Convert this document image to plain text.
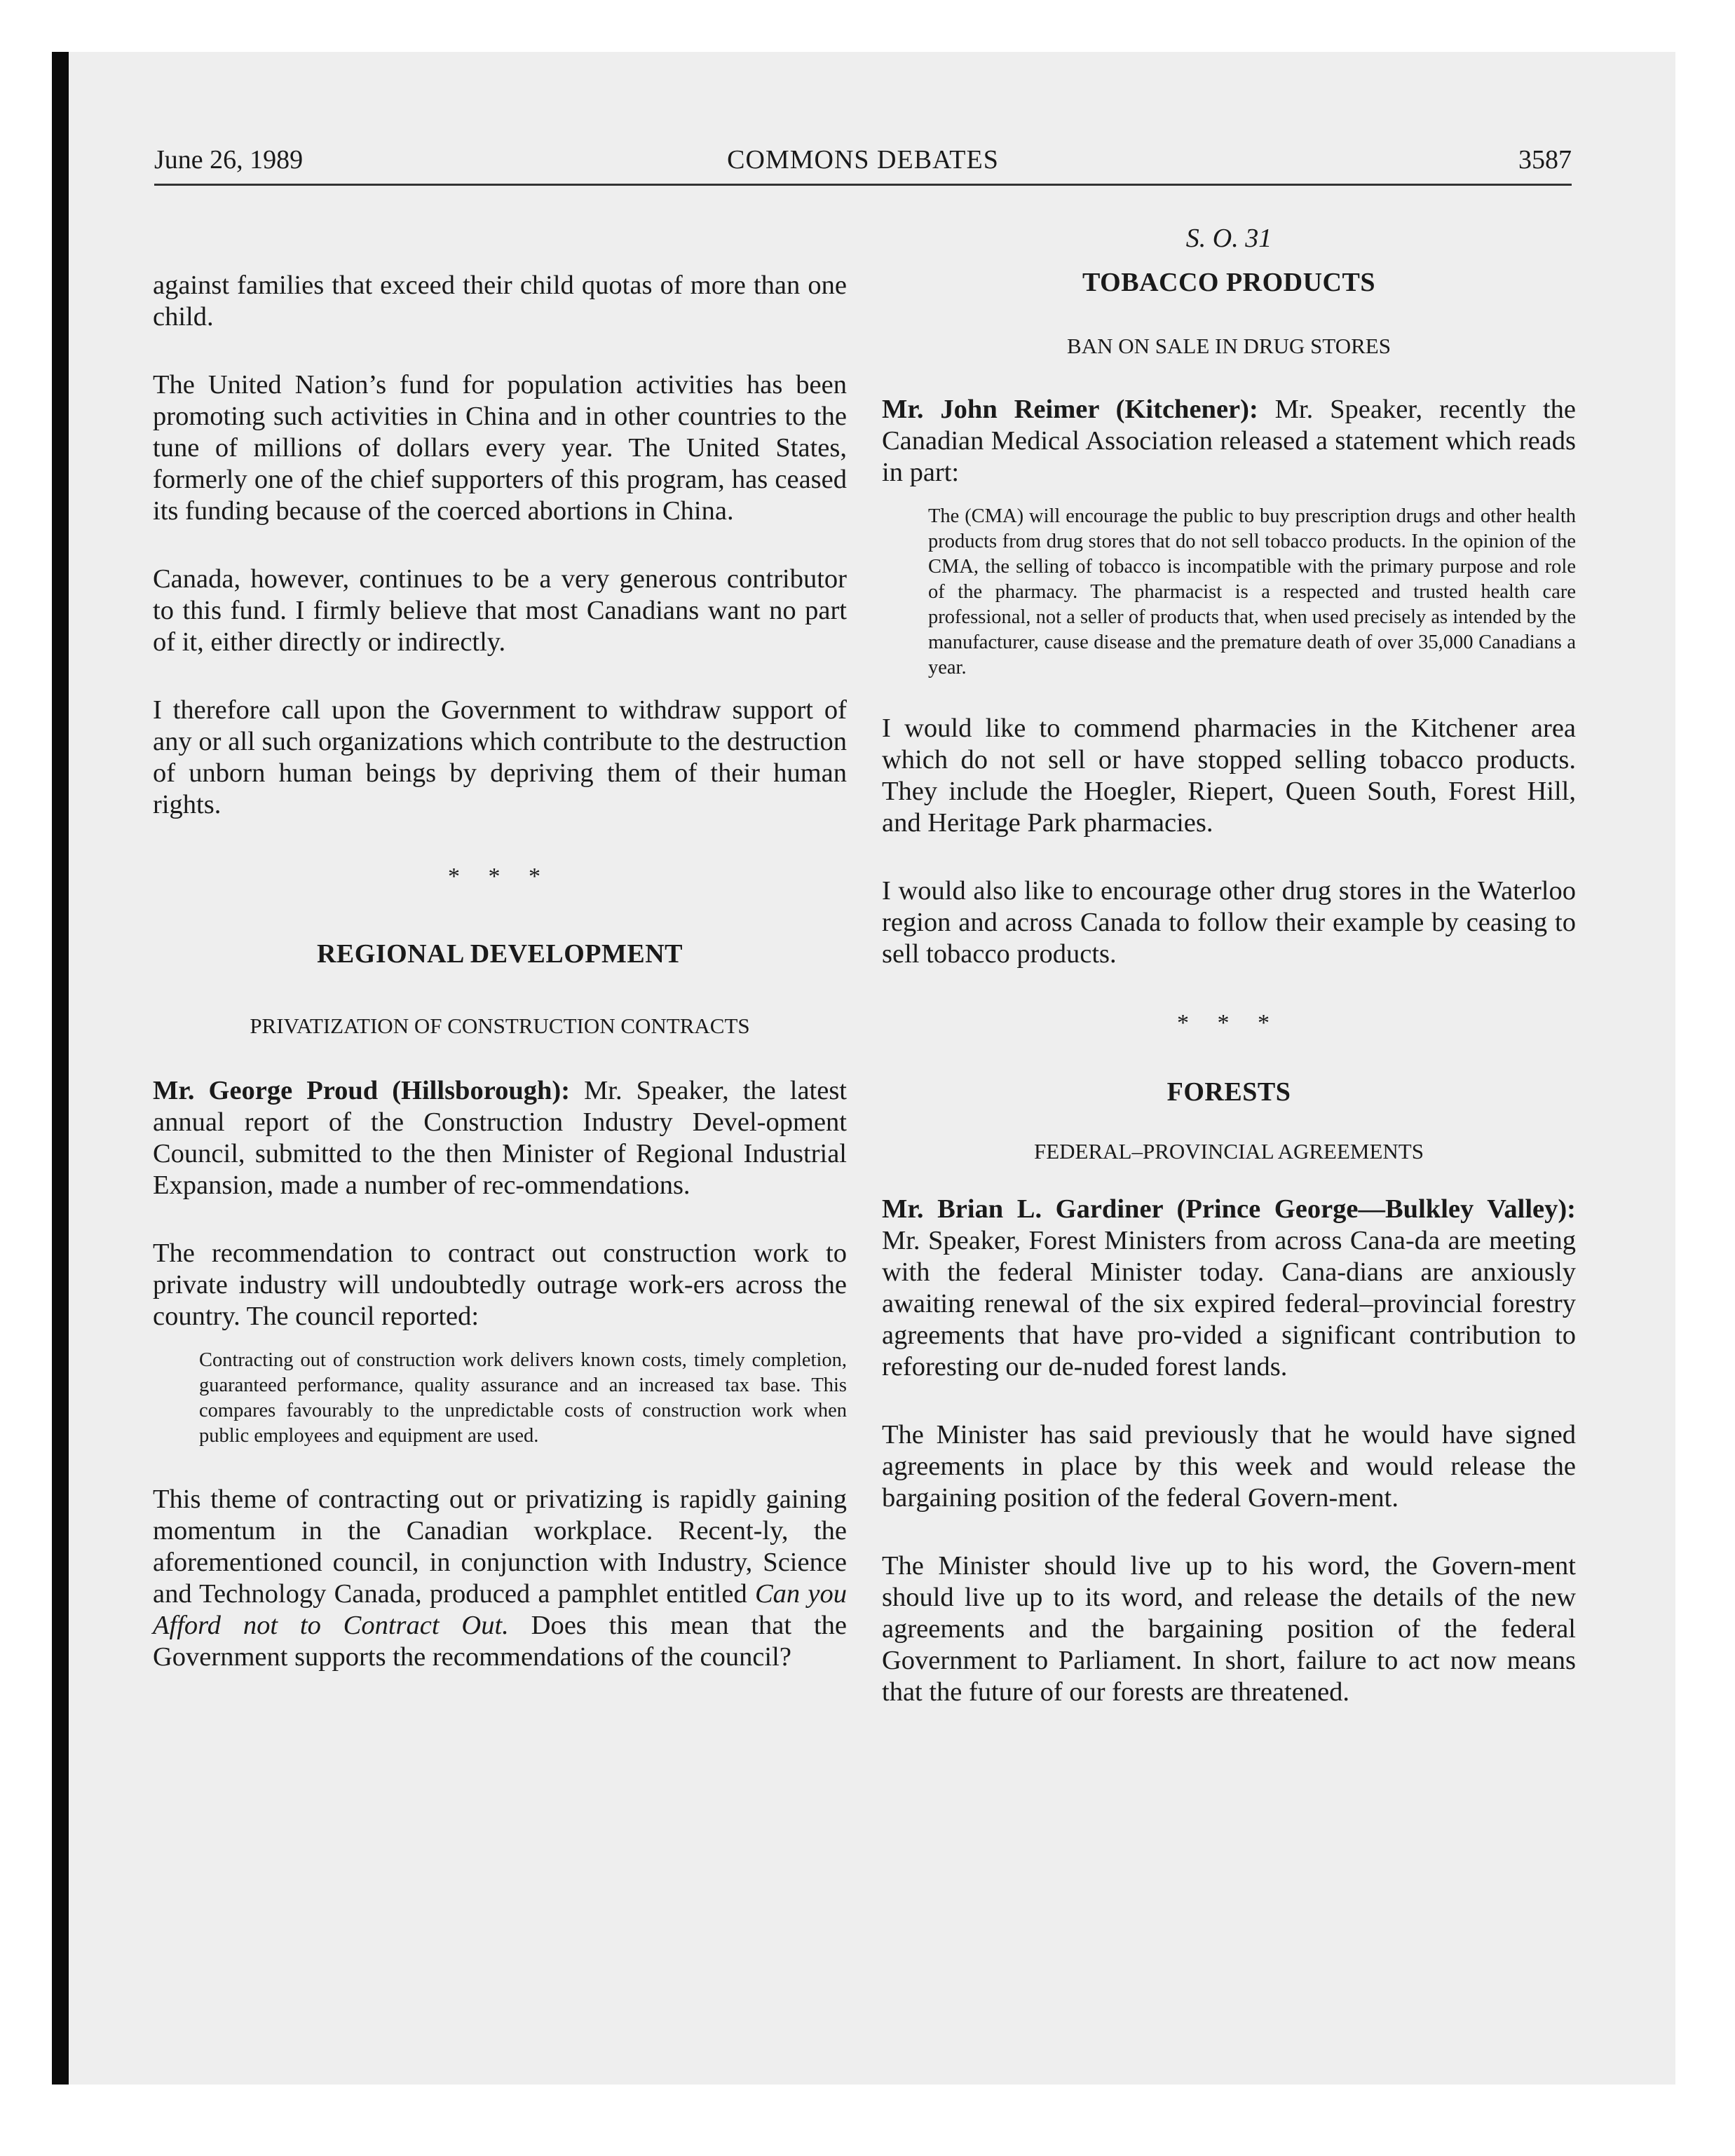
June 26, 1989	COMMONS DEBATES	3587

against families that exceed their child quotas of more than one child.

The United Nation’s fund for population activities has been promoting such activities in China and in other countries to the tune of millions of dollars every year. The United States, formerly one of the chief supporters of this program, has ceased its funding because of the coerced abortions in China.

Canada, however, continues to be a very generous contributor to this fund. I firmly believe that most Canadians want no part of it, either directly or indirectly.

I therefore call upon the Government to withdraw support of any or all such organizations which contribute to the destruction of unborn human beings by depriving them of their human rights.

* * *
REGIONAL DEVELOPMENT
PRIVATIZATION OF CONSTRUCTION CONTRACTS

Mr. George Proud (Hillsborough): Mr. Speaker, the latest annual report of the Construction Industry Devel-opment Council, submitted to the then Minister of Regional Industrial Expansion, made a number of rec-ommendations.

The recommendation to contract out construction work to private industry will undoubtedly outrage work-ers across the country. The council reported:

Contracting out of construction work delivers known costs, timely completion, guaranteed performance, quality assurance and an increased tax base. This compares favourably to the unpredictable costs of construction work when public employees and equipment are used.

This theme of contracting out or privatizing is rapidly gaining momentum in the Canadian workplace. Recent-ly, the aforementioned council, in conjunction with Industry, Science and Technology Canada, produced a pamphlet entitled Can you Afford not to Contract Out. Does this mean that the Government supports the recommendations of the council?

S. O. 31
TOBACCO PRODUCTS
BAN ON SALE IN DRUG STORES

Mr. John Reimer (Kitchener): Mr. Speaker, recently the Canadian Medical Association released a statement which reads in part:

The (CMA) will encourage the public to buy prescription drugs and other health products from drug stores that do not sell tobacco products. In the opinion of the CMA, the selling of tobacco is incompatible with the primary purpose and role of the pharmacy. The pharmacist is a respected and trusted health care professional, not a seller of products that, when used precisely as intended by the manufacturer, cause disease and the premature death of over 35,000 Canadians a year.

I would like to commend pharmacies in the Kitchener area which do not sell or have stopped selling tobacco products. They include the Hoegler, Riepert, Queen South, Forest Hill, and Heritage Park pharmacies.

I would also like to encourage other drug stores in the Waterloo region and across Canada to follow their example by ceasing to sell tobacco products.

* * *
FORESTS
FEDERAL–PROVINCIAL AGREEMENTS

Mr. Brian L. Gardiner (Prince George—Bulkley Valley): Mr. Speaker, Forest Ministers from across Cana-da are meeting with the federal Minister today. Cana-dians are anxiously awaiting renewal of the six expired federal–provincial forestry agreements that have pro-vided a significant contribution to reforesting our de-nuded forest lands.

The Minister has said previously that he would have signed agreements in place by this week and would release the bargaining position of the federal Govern-ment.

The Minister should live up to his word, the Govern-ment should live up to its word, and release the details of the new agreements and the bargaining position of the federal Government to Parliament. In short, failure to act now means that the future of our forests are threatened.
